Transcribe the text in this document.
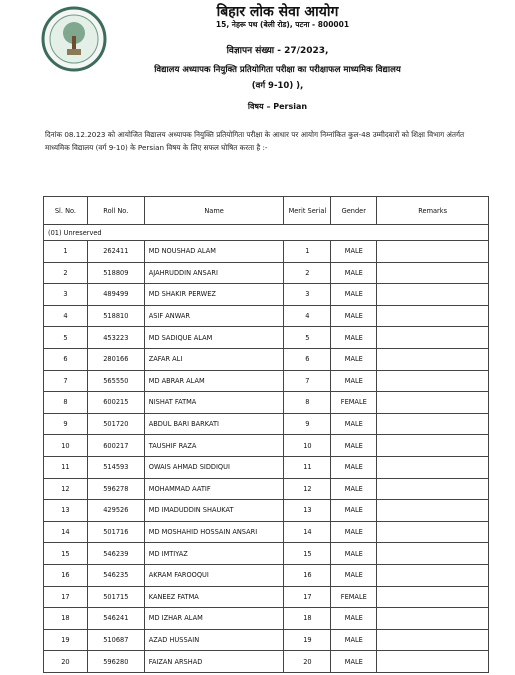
बिहार लोक सेवा आयोग
15, नेहरू पथ (बेली रोड), पटना - 800001
विज्ञापन संख्या - 27/2023,
विद्यालय अध्यापक नियुक्ति प्रतियोगिता परीक्षा का परीक्षाफल माध्यमिक विद्यालय
(वर्ग 9-10) ),
विषय – Persian
दिनांक 08.12.2023 को आयोजित विद्यालय अध्यापक नियुक्ति प्रतियोगिता परीक्षा के आधार पर आयोग निम्नांकित कुल-48 उम्मीदवारों को शिक्षा विभाग अंतर्गत माध्यमिक विद्यालय (वर्ग 9-10) के Persian विषय के लिए सफल घोषित करता है :-
Sl. No.	Roll No.	Name	Merit Serial	Gender	Remarks
(01) Unreserved					
1	262411	MD NOUSHAD ALAM	1	MALE	
2	518809	AJAHRUDDIN ANSARI	2	MALE	
3	489499	MD SHAKIR PERWEZ	3	MALE	
4	518810	ASIF ANWAR	4	MALE	
5	453223	MD SADIQUE ALAM	5	MALE	
6	280166	ZAFAR ALI	6	MALE	
7	565550	MD ABRAR ALAM	7	MALE	
8	600215	NISHAT FATMA	8	FEMALE	
9	501720	ABDUL BARI BARKATI	9	MALE	
10	600217	TAUSHIF RAZA	10	MALE	
11	514593	OWAIS AHMAD SIDDIQUI	11	MALE	
12	596278	MOHAMMAD AATIF	12	MALE	
13	429526	MD IMADUDDIN SHAUKAT	13	MALE	
14	501716	MD MOSHAHID HOSSAIN ANSARI	14	MALE	
15	546239	MD IMTIYAZ	15	MALE	
16	546235	AKRAM FAROOQUI	16	MALE	
17	501715	KANEEZ FATMA	17	FEMALE	
18	546241	MD IZHAR ALAM	18	MALE	
19	510687	AZAD HUSSAIN	19	MALE	
20	596280	FAIZAN ARSHAD	20	MALE	
